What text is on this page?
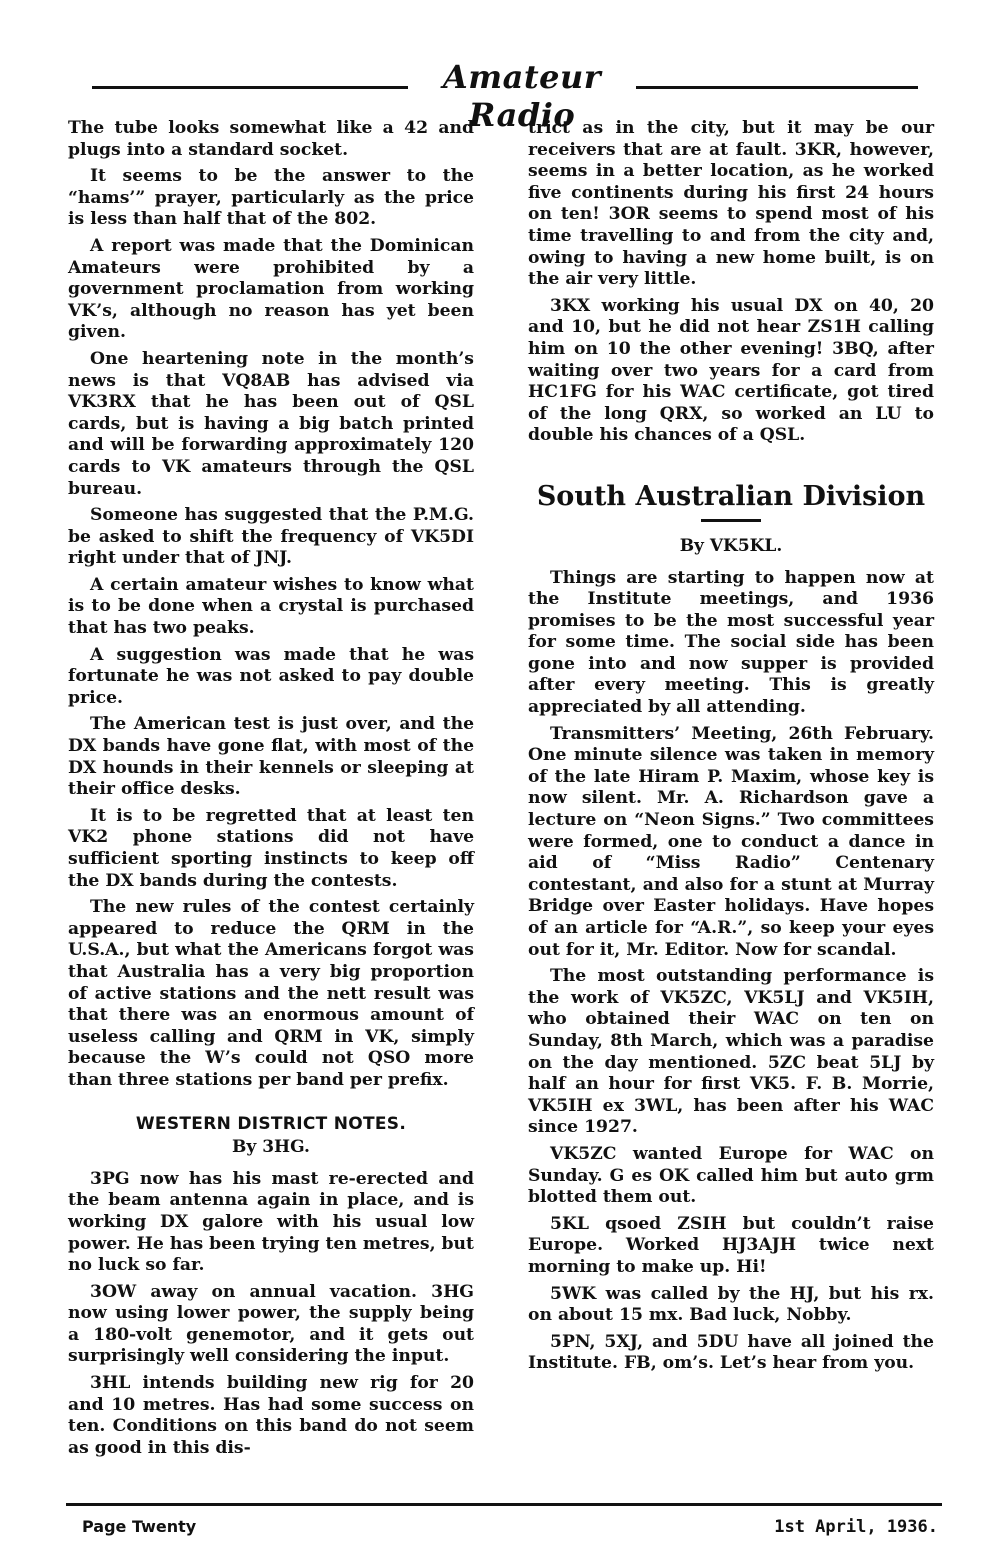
Amateur Radio

The tube looks somewhat like a 42 and plugs into a standard socket.

It seems to be the answer to the “hams’” prayer, particularly as the price is less than half that of the 802.

A report was made that the Dominican Amateurs were prohibited by a government proclamation from working VK’s, although no reason has yet been given.

One heartening note in the month’s news is that VQ8AB has advised via VK3RX that he has been out of QSL cards, but is having a big batch printed and will be forwarding approximately 120 cards to VK amateurs through the QSL bureau.

Someone has suggested that the P.M.G. be asked to shift the frequency of VK5DI right under that of JNJ.

A certain amateur wishes to know what is to be done when a crystal is purchased that has two peaks.

A suggestion was made that he was fortunate he was not asked to pay double price.

The American test is just over, and the DX bands have gone flat, with most of the DX hounds in their kennels or sleeping at their office desks.

It is to be regretted that at least ten VK2 phone stations did not have sufficient sporting instincts to keep off the DX bands during the contests.

The new rules of the contest certainly appeared to reduce the QRM in the U.S.A., but what the Americans forgot was that Australia has a very big proportion of active stations and the nett result was that there was an enormous amount of useless calling and QRM in VK, simply because the W’s could not QSO more than three stations per band per prefix.

WESTERN DISTRICT NOTES.
By 3HG.

3PG now has his mast re-erected and the beam antenna again in place, and is working DX galore with his usual low power. He has been trying ten metres, but no luck so far.

3OW away on annual vacation. 3HG now using lower power, the supply being a 180-volt genemotor, and it gets out surprisingly well considering the input.

3HL intends building new rig for 20 and 10 metres. Has had some success on ten. Conditions on this band do not seem as good in this dis-

trict as in the city, but it may be our receivers that are at fault. 3KR, however, seems in a better location, as he worked five continents during his first 24 hours on ten! 3OR seems to spend most of his time travelling to and from the city and, owing to having a new home built, is on the air very little.

3KX working his usual DX on 40, 20 and 10, but he did not hear ZS1H calling him on 10 the other evening! 3BQ, after waiting over two years for a card from HC1FG for his WAC certificate, got tired of the long QRX, so worked an LU to double his chances of a QSL.

South Australian Division
By VK5KL.

Things are starting to happen now at the Institute meetings, and 1936 promises to be the most successful year for some time. The social side has been gone into and now supper is provided after every meeting. This is greatly appreciated by all attending.

Transmitters’ Meeting, 26th February. One minute silence was taken in memory of the late Hiram P. Maxim, whose key is now silent. Mr. A. Richardson gave a lecture on “Neon Signs.” Two committees were formed, one to conduct a dance in aid of “Miss Radio” Centenary contestant, and also for a stunt at Murray Bridge over Easter holidays. Have hopes of an article for “A.R.”, so keep your eyes out for it, Mr. Editor. Now for scandal.

The most outstanding performance is the work of VK5ZC, VK5LJ and VK5IH, who obtained their WAC on ten on Sunday, 8th March, which was a paradise on the day mentioned. 5ZC beat 5LJ by half an hour for first VK5. F. B. Morrie, VK5IH ex 3WL, has been after his WAC since 1927.

VK5ZC wanted Europe for WAC on Sunday. G es OK called him but auto grm blotted them out.

5KL qsoed ZSIH but couldn’t raise Europe. Worked HJ3AJH twice next morning to make up. Hi!

5WK was called by the HJ, but his rx. on about 15 mx. Bad luck, Nobby.

5PN, 5XJ, and 5DU have all joined the Institute. FB, om’s. Let’s hear from you.

Page Twenty	1st April, 1936.
